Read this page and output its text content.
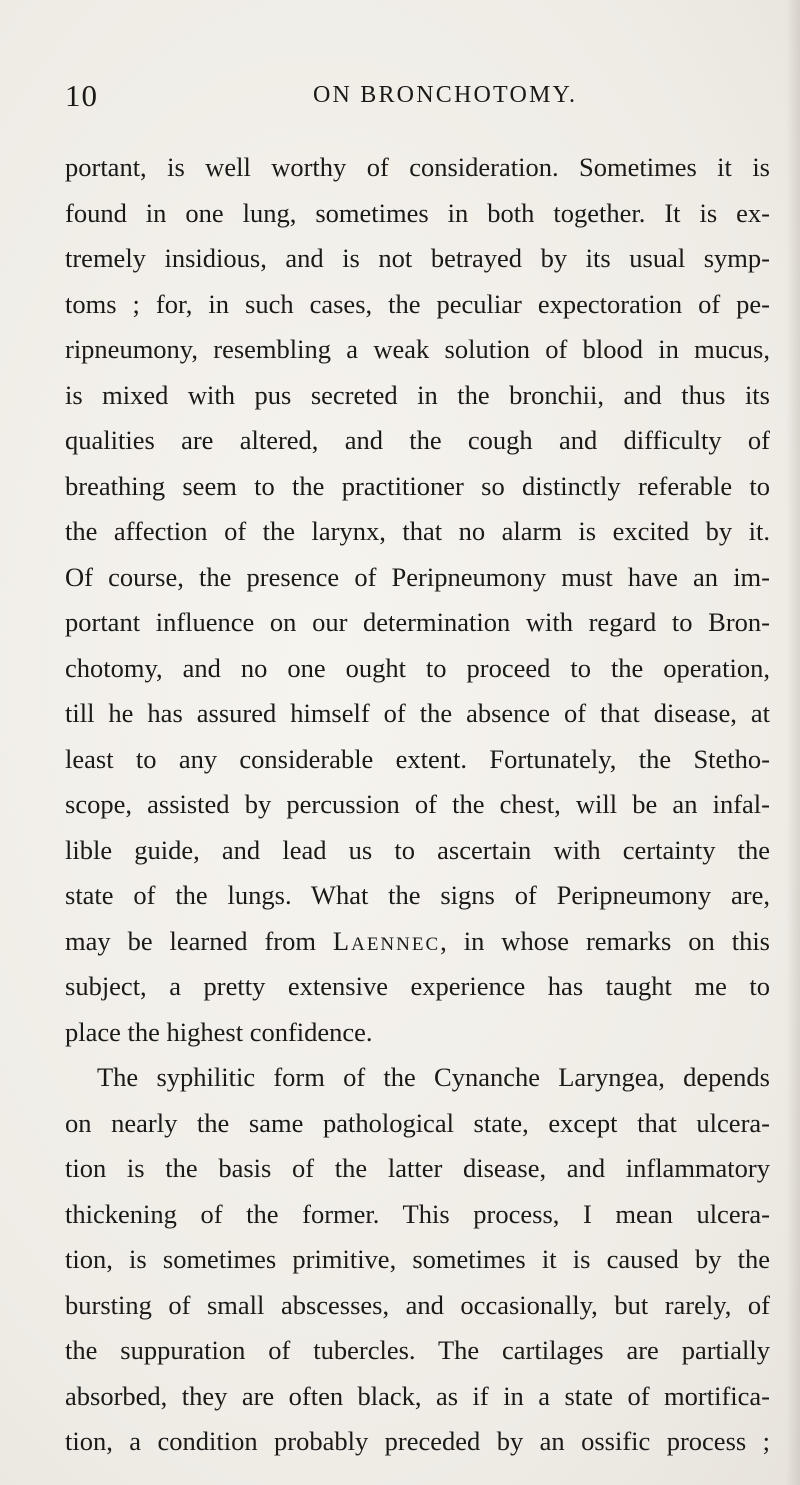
10	ON BRONCHOTOMY.
portant, is well worthy of consideration. Sometimes it is
found in one lung, sometimes in both together. It is ex-
tremely insidious, and is not betrayed by its usual symp-
toms ; for, in such cases, the peculiar expectoration of pe-
ripneumony, resembling a weak solution of blood in mucus,
is mixed with pus secreted in the bronchii, and thus its
qualities are altered, and the cough and difficulty of
breathing seem to the practitioner so distinctly referable to
the affection of the larynx, that no alarm is excited by it.
Of course, the presence of Peripneumony must have an im-
portant influence on our determination with regard to Bron-
chotomy, and no one ought to proceed to the operation,
till he has assured himself of the absence of that disease, at
least to any considerable extent. Fortunately, the Stetho-
scope, assisted by percussion of the chest, will be an infal-
lible guide, and lead us to ascertain with certainty the
state of the lungs. What the signs of Peripneumony are,
may be learned from Laennec, in whose remarks on this
subject, a pretty extensive experience has taught me to
place the highest confidence.
The syphilitic form of the Cynanche Laryngea, depends
on nearly the same pathological state, except that ulcera-
tion is the basis of the latter disease, and inflammatory
thickening of the former. This process, I mean ulcera-
tion, is sometimes primitive, sometimes it is caused by the
bursting of small abscesses, and occasionally, but rarely, of
the suppuration of tubercles. The cartilages are partially
absorbed, they are often black, as if in a state of mortifica-
tion, a condition probably preceded by an ossific process ;
